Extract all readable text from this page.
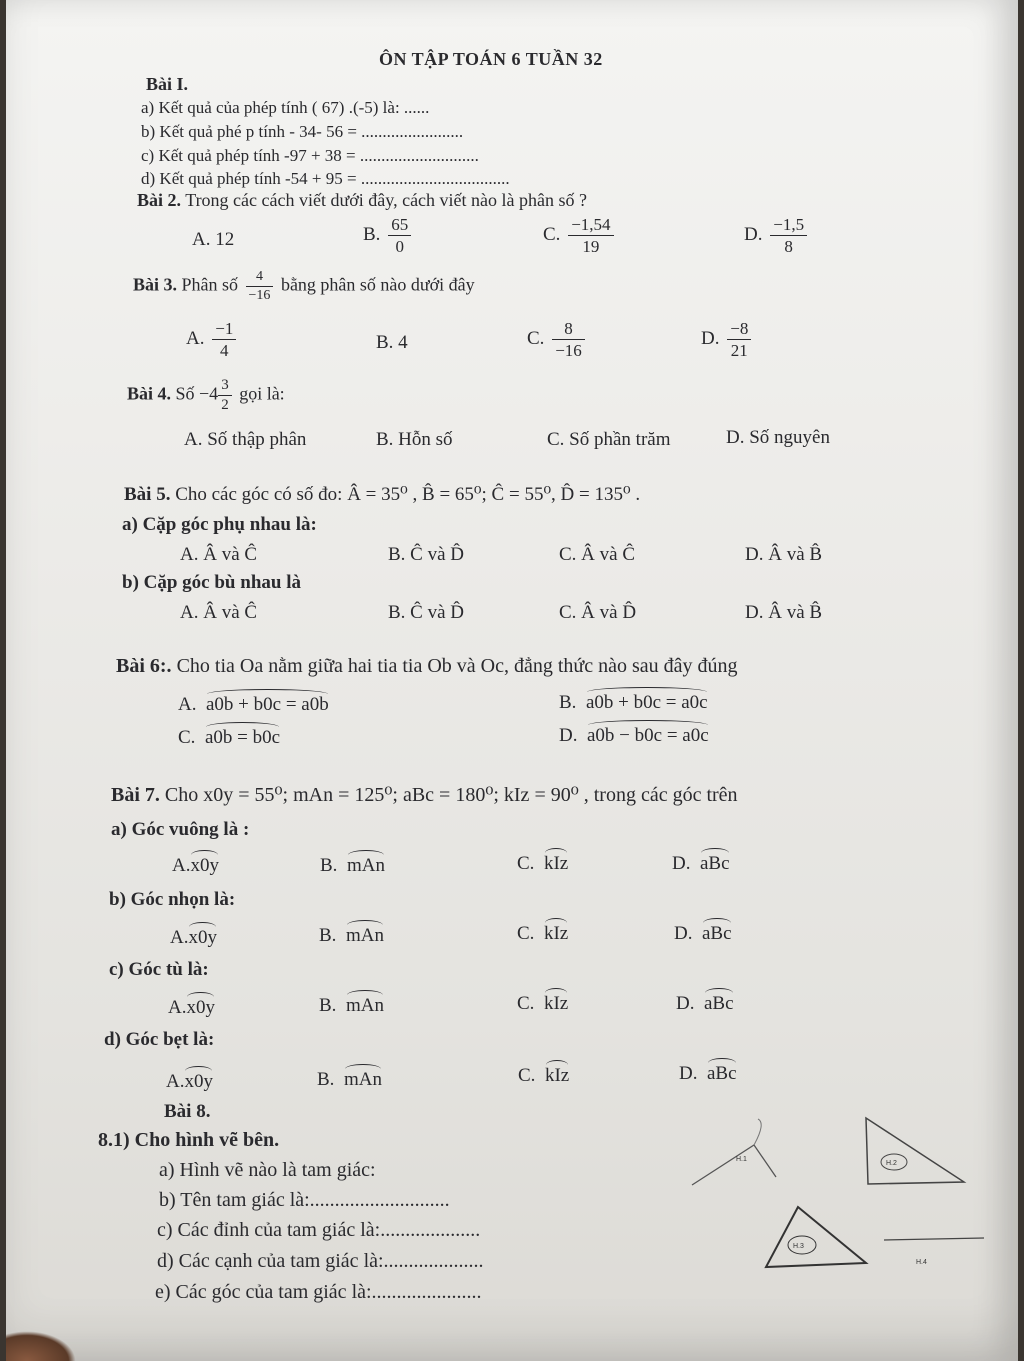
ÔN TẬP TOÁN 6 TUẦN 32
Bài I.
a) Kết quả của phép tính ( 67) .(-5) là: ......
b) Kết quả phé p tính - 34- 56 = ........................
c) Kết quả phép tính -97 + 38 = ............................
d) Kết quả phép tính -54 + 95 = ...................................
Bài 2. Trong các cách viết dưới đây, cách viết nào là phân số ?
A. 12	B. $\frac{65}{0}$	C. $\frac{-1,54}{19}$	D. $\frac{-1,5}{8}$
Bài 3. Phân số $\frac{4}{-16}$ bằng phân số nào dưới đây
A. $\frac{-1}{4}$	B. 4	C. $\frac{8}{-16}$	D. $\frac{-8}{21}$
Bài 4. Số $-4 \frac{3}{2}$ gọi là:
A. Số thập phân	B. Hỗn số	C. Số phần trăm	D. Số nguyên
Bài 5. Cho các góc có số đo: Â = 35⁰ , B̂ = 65⁰; Ĉ = 55⁰, D̂ = 135⁰ .
a) Cặp góc phụ nhau là:
A. Â và Ĉ	B. Ĉ và D̂	C. Â và Ĉ	D. Â và B̂
b) Cặp góc bù nhau là
A. Â và Ĉ	B. Ĉ và D̂	C. Â và D̂	D. Â và B̂
Bài 6:. Cho tia Oa nằm giữa hai tia tia Ob và Oc, đẳng thức nào sau đây đúng
A. a0b + b0c = a0b	B. a0b + b0c = a0c
C. a0b = b0c	D. a0b − b0c = a0c
Bài 7. Cho x0y = 55⁰; mAn = 125⁰; aBc = 180⁰; kIz = 90⁰ , trong các góc trên
a) Góc vuông là :
A.x0y	B. mAn	C. kIz	D. aBc
b) Góc nhọn là:
A.x0y	B. mAn	C. kIz	D. aBc
c) Góc tù là:
A.x0y	B. mAn	C. kIz	D. aBc
d) Góc bẹt là:
A.x0y	B. mAn	C. kIz	D. aBc
Bài 8.
8.1) Cho hình vẽ bên.
a) Hình vẽ nào là tam giác:
b) Tên tam giác là:............................
c) Các đỉnh của tam giác là:....................
d) Các cạnh của tam giác là:....................
e) Các góc của tam giác là:......................
H.1
H.2
H.3
H.4
